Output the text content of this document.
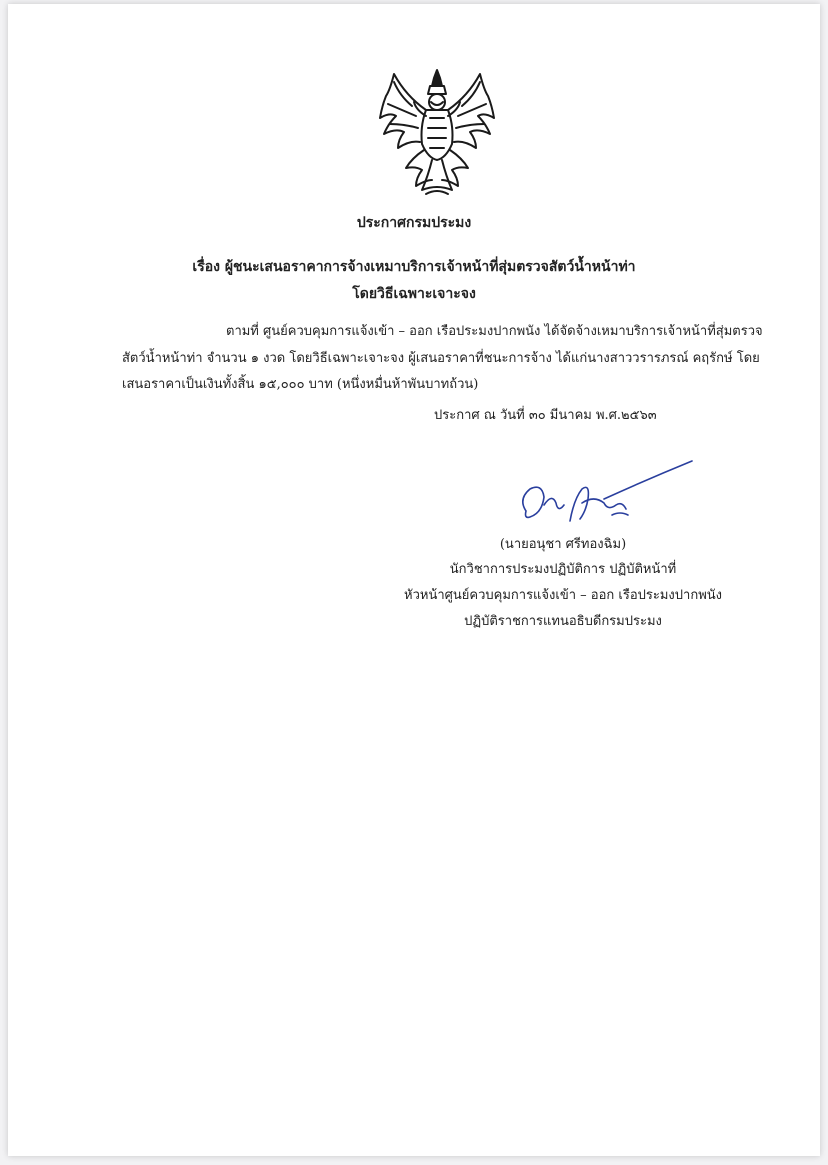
ประกาศกรมประมง
เรื่อง ผู้ชนะเสนอราคาการจ้างเหมาบริการเจ้าหน้าที่สุ่มตรวจสัตว์น้ำหน้าท่า
โดยวิธีเฉพาะเจาะจง
ตามที่ ศูนย์ควบคุมการแจ้งเข้า – ออก เรือประมงปากพนัง ได้จัดจ้างเหมาบริการเจ้าหน้าที่สุ่มตรวจ
สัตว์น้ำหน้าท่า จำนวน ๑ งวด โดยวิธีเฉพาะเจาะจง ผู้เสนอราคาที่ชนะการจ้าง ได้แก่นางสาววรารภรณ์ คฤรักษ์ โดย
เสนอราคาเป็นเงินทั้งสิ้น ๑๕,๐๐๐ บาท (หนึ่งหมื่นห้าพันบาทถ้วน)
ประกาศ ณ วันที่ ๓๐ มีนาคม พ.ศ.๒๕๖๓
(นายอนุชา ศรีทองฉิม)
นักวิชาการประมงปฏิบัติการ ปฏิบัติหน้าที่
หัวหน้าศูนย์ควบคุมการแจ้งเข้า – ออก เรือประมงปากพนัง
ปฏิบัติราชการแทนอธิบดีกรมประมง
